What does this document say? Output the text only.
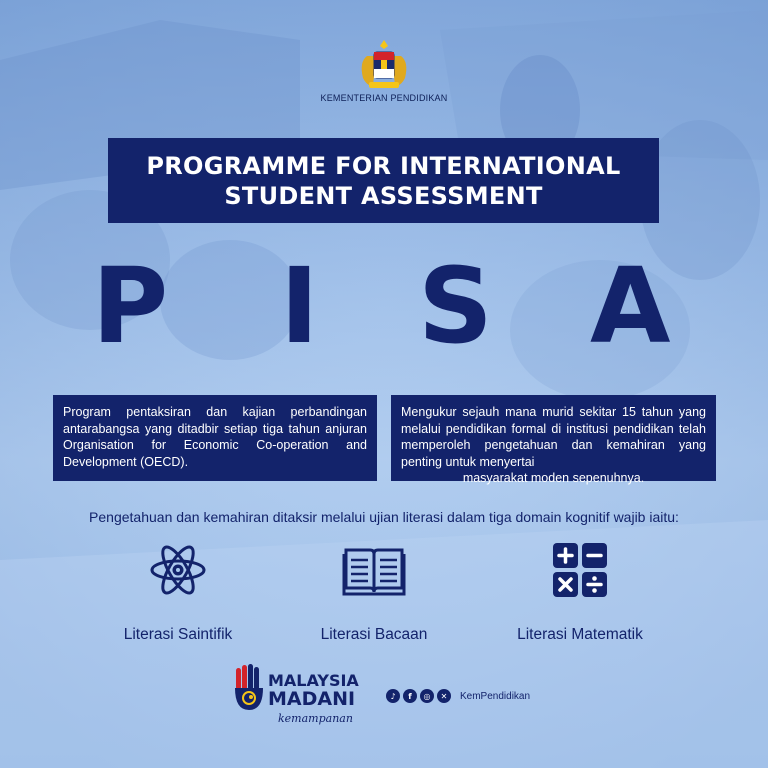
KEMENTERIAN PENDIDIKAN
PROGRAMME FOR INTERNATIONAL
STUDENT ASSESSMENT
P I S A
Program pentaksiran dan kajian perbandingan antarabangsa yang ditadbir setiap tiga tahun anjuran Organisation for Economic Co-operation and Development (OECD).
Mengukur sejauh mana murid sekitar 15 tahun yang melalui pendidikan formal di institusi pendidikan telah memperoleh pengetahuan dan kemahiran yang penting untuk menyertai
masyarakat moden sepenuhnya.
Pengetahuan dan kemahiran ditaksir melalui ujian literasi dalam tiga domain kognitif wajib iaitu:
Literasi Saintifik	Literasi Bacaan	Literasi Matematik
MALAYSIA
MADANI
kemampanan
♪	f	◎	✕	KemPendidikan
